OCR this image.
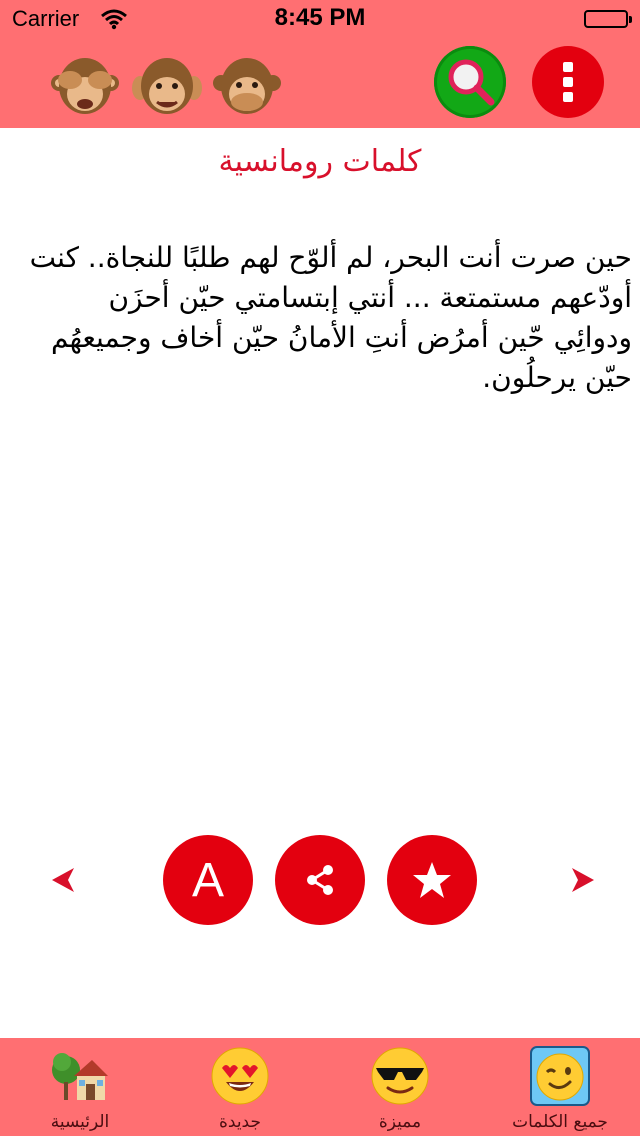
Carrier	8:45 PM
كلمات رومانسية
حين صرت أنت البحر، لم ألوّح لهم طلبًا للنجاة.. كنت أودّعهم مستمتعة ... أنتي إبتسامتي حيّن أحزَن ودوائِي حّين أمرُض أنتِ الأمانُ حيّن أخاف وجميعهُم حيّن يرحلُون.
A
الرئيسية	جديدة	مميزة	جميع الكلمات
